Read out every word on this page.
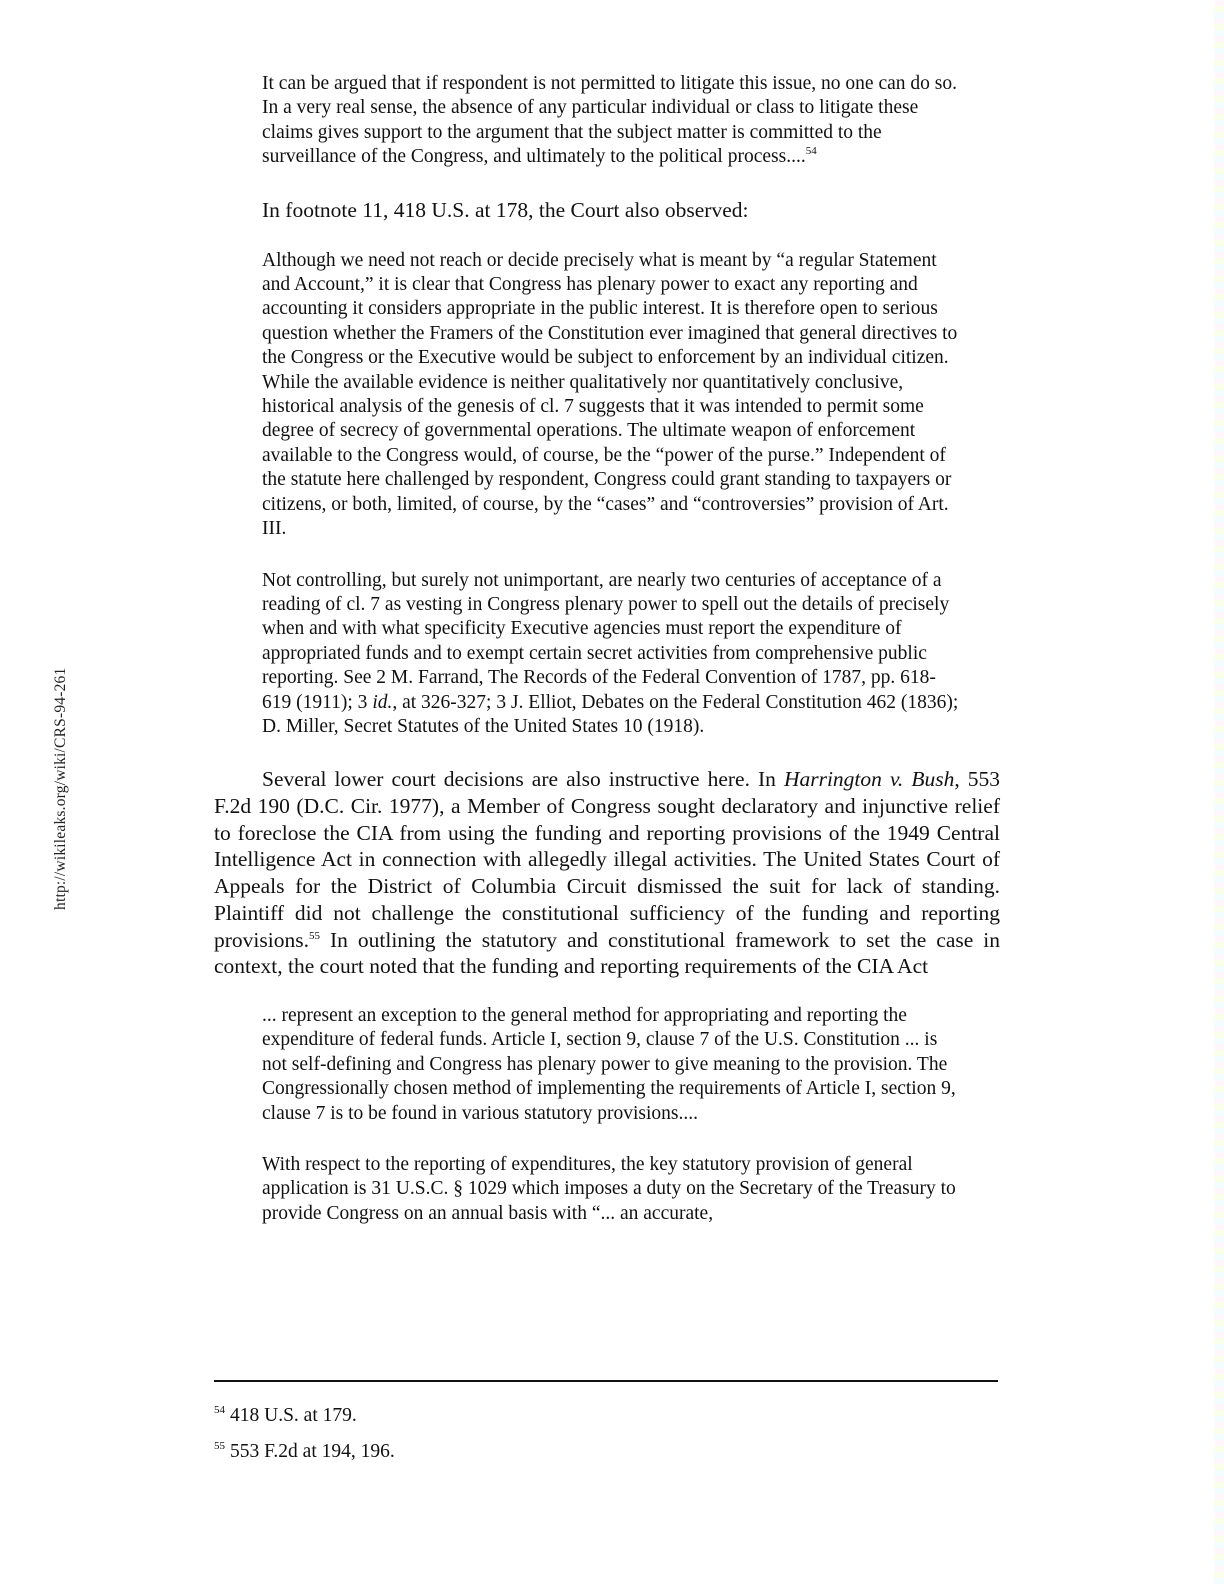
http://wikileaks.org/wiki/CRS-94-261

It can be argued that if respondent is not permitted to litigate this issue, no one can do so. In a very real sense, the absence of any particular individual or class to litigate these claims gives support to the argument that the subject matter is committed to the surveillance of the Congress, and ultimately to the political process....$^{54}$

In footnote 11, 418 U.S. at 178, the Court also observed:

Although we need not reach or decide precisely what is meant by “a regular Statement and Account,” it is clear that Congress has plenary power to exact any reporting and accounting it considers appropriate in the public interest. It is therefore open to serious question whether the Framers of the Constitution ever imagined that general directives to the Congress or the Executive would be subject to enforcement by an individual citizen. While the available evidence is neither qualitatively nor quantitatively conclusive, historical analysis of the genesis of cl. 7 suggests that it was intended to permit some degree of secrecy of governmental operations. The ultimate weapon of enforcement available to the Congress would, of course, be the “power of the purse.” Independent of the statute here challenged by respondent, Congress could grant standing to taxpayers or citizens, or both, limited, of course, by the “cases” and “controversies” provision of Art. III.

Not controlling, but surely not unimportant, are nearly two centuries of acceptance of a reading of cl. 7 as vesting in Congress plenary power to spell out the details of precisely when and with what specificity Executive agencies must report the expenditure of appropriated funds and to exempt certain secret activities from comprehensive public reporting. See 2 M. Farrand, The Records of the Federal Convention of 1787, pp. 618-619 (1911); 3 id., at 326-327; 3 J. Elliot, Debates on the Federal Constitution 462 (1836); D. Miller, Secret Statutes of the United States 10 (1918).

Several lower court decisions are also instructive here. In Harrington v. Bush, 553 F.2d 190 (D.C. Cir. 1977), a Member of Congress sought declaratory and injunctive relief to foreclose the CIA from using the funding and reporting provisions of the 1949 Central Intelligence Act in connection with allegedly illegal activities. The United States Court of Appeals for the District of Columbia Circuit dismissed the suit for lack of standing. Plaintiff did not challenge the constitutional sufficiency of the funding and reporting provisions.$^{55}$ In outlining the statutory and constitutional framework to set the case in context, the court noted that the funding and reporting requirements of the CIA Act

... represent an exception to the general method for appropriating and reporting the expenditure of federal funds. Article I, section 9, clause 7 of the U.S. Constitution ... is not self-defining and Congress has plenary power to give meaning to the provision. The Congressionally chosen method of implementing the requirements of Article I, section 9, clause 7 is to be found in various statutory provisions....

With respect to the reporting of expenditures, the key statutory provision of general application is 31 U.S.C. § 1029 which imposes a duty on the Secretary of the Treasury to provide Congress on an annual basis with “... an accurate,

$^{54}$ 418 U.S. at 179.
$^{55}$ 553 F.2d at 194, 196.
